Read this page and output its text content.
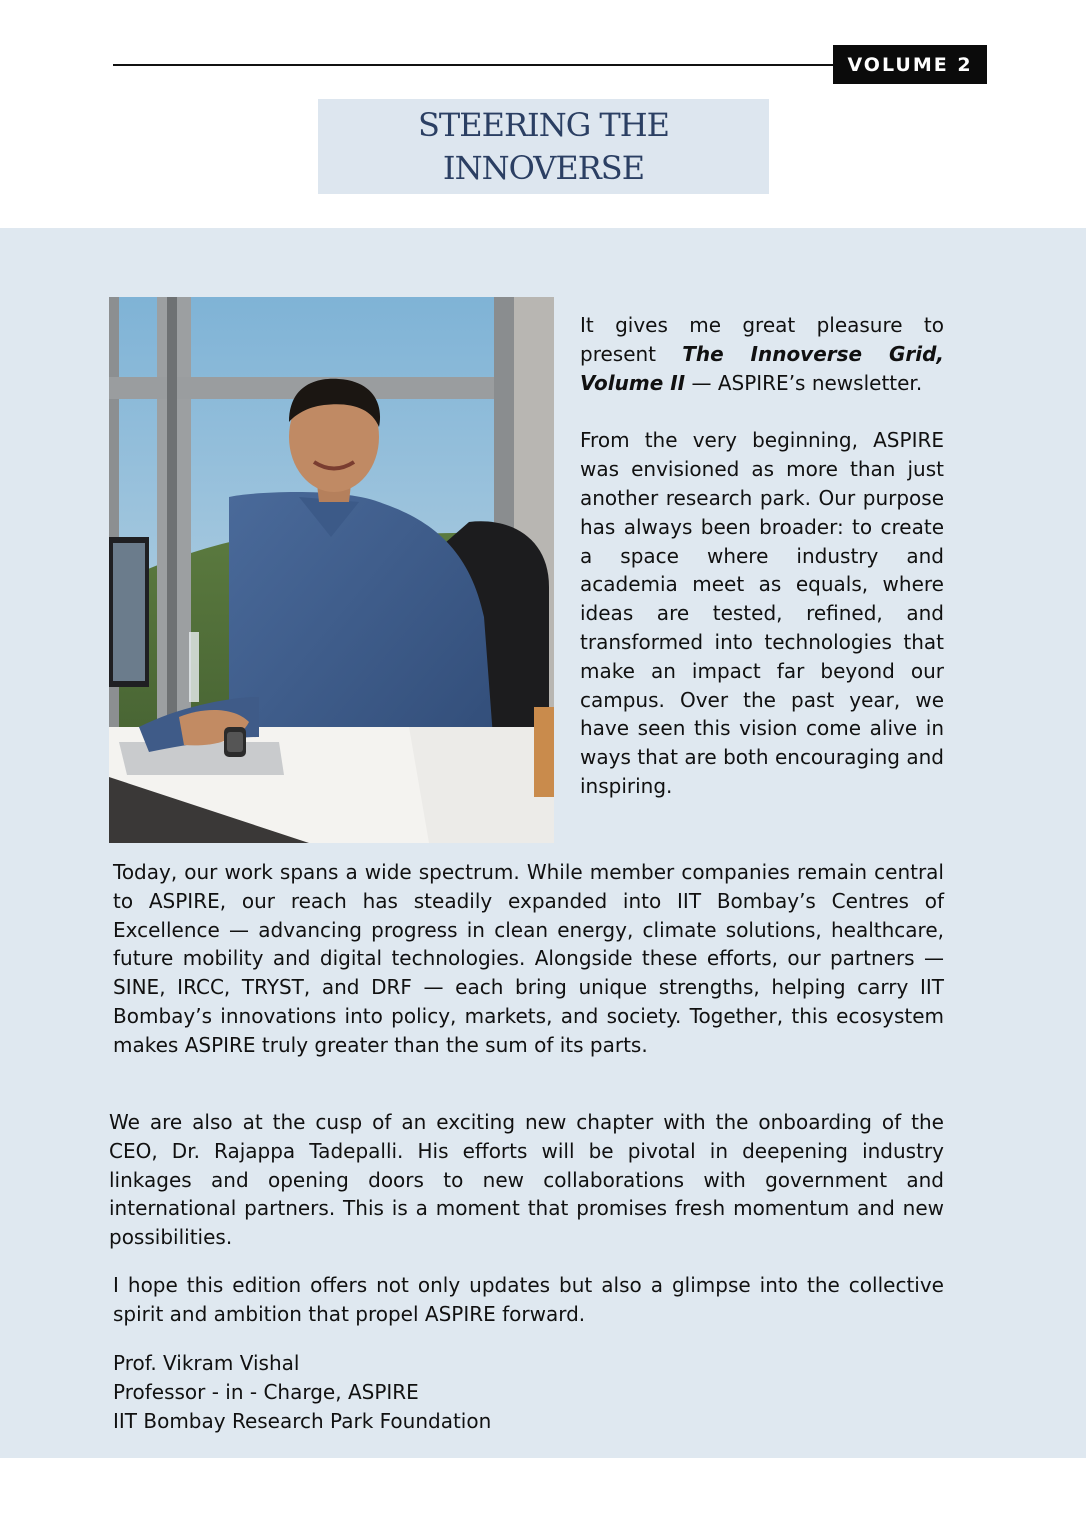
VOLUME 2
STEERING THE
INNOVERSE

It gives me great pleasure to present The Innoverse Grid, Volume II — ASPIRE’s newsletter.

From the very beginning, ASPIRE was envisioned as more than just another research park. Our purpose has always been broader: to create a space where industry and academia meet as equals, where ideas are tested, refined, and transformed into technologies that make an impact far beyond our campus. Over the past year, we have seen this vision come alive in ways that are both encouraging and inspiring.

Today, our work spans a wide spectrum. While member companies remain central to ASPIRE, our reach has steadily expanded into IIT Bombay’s Centres of Excellence — advancing progress in clean energy, climate solutions, healthcare, future mobility and digital technologies. Alongside these efforts, our partners — SINE, IRCC, TRYST, and DRF — each bring unique strengths, helping carry IIT Bombay’s innovations into policy, markets, and society. Together, this ecosystem makes ASPIRE truly greater than the sum of its parts.

We are also at the cusp of an exciting new chapter with the onboarding of the CEO, Dr. Rajappa Tadepalli. His efforts will be pivotal in deepening industry linkages and opening doors to new collaborations with government and international partners. This is a moment that promises fresh momentum and new possibilities.

I hope this edition offers not only updates but also a glimpse into the collective spirit and ambition that propel ASPIRE forward.

Prof. Vikram Vishal
Professor - in - Charge, ASPIRE
IIT Bombay Research Park Foundation
